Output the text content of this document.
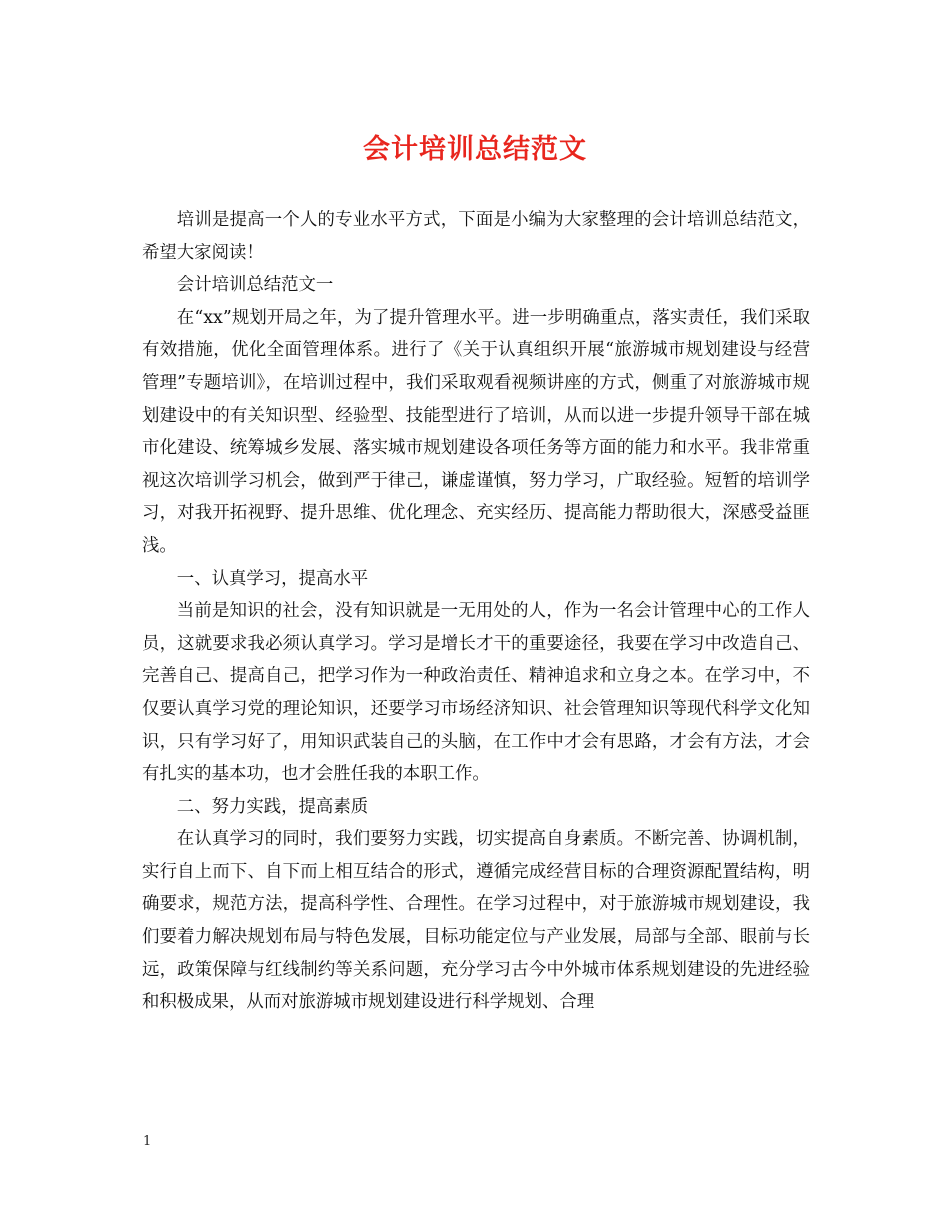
会计培训总结范文

培训是提高一个人的专业水平方式，下面是小编为大家整理的会计培训总结范文，希望大家阅读！

会计培训总结范文一

在“xx”规划开局之年，为了提升管理水平。进一步明确重点，落实责任，我们采取有效措施，优化全面管理体系。进行了《关于认真组织开展“旅游城市规划建设与经营管理”专题培训》，在培训过程中，我们采取观看视频讲座的方式，侧重了对旅游城市规划建设中的有关知识型、经验型、技能型进行了培训，从而以进一步提升领导干部在城市化建设、统筹城乡发展、落实城市规划建设各项任务等方面的能力和水平。我非常重视这次培训学习机会，做到严于律己，谦虚谨慎，努力学习，广取经验。短暂的培训学习，对我开拓视野、提升思维、优化理念、充实经历、提高能力帮助很大，深感受益匪浅。

一、认真学习，提高水平

当前是知识的社会，没有知识就是一无用处的人，作为一名会计管理中心的工作人员，这就要求我必须认真学习。学习是增长才干的重要途径，我要在学习中改造自己、完善自己、提高自己，把学习作为一种政治责任、精神追求和立身之本。在学习中，不仅要认真学习党的理论知识，还要学习市场经济知识、社会管理知识等现代科学文化知识，只有学习好了，用知识武装自己的头脑，在工作中才会有思路，才会有方法，才会有扎实的基本功，也才会胜任我的本职工作。

二、努力实践，提高素质

在认真学习的同时，我们要努力实践，切实提高自身素质。不断完善、协调机制，实行自上而下、自下而上相互结合的形式，遵循完成经营目标的合理资源配置结构，明确要求，规范方法，提高科学性、合理性。在学习过程中，对于旅游城市规划建设，我们要着力解决规划布局与特色发展，目标功能定位与产业发展，局部与全部、眼前与长远，政策保障与红线制约等关系问题，充分学习古今中外城市体系规划建设的先进经验和积极成果，从而对旅游城市规划建设进行科学规划、合理

1
